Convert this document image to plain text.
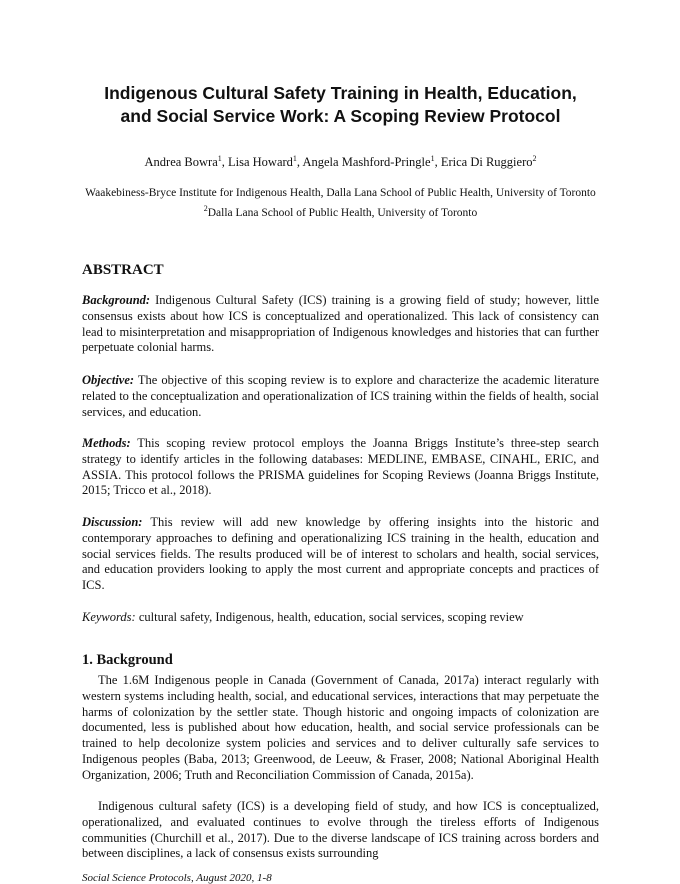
Indigenous Cultural Safety Training in Health, Education,
and Social Service Work: A Scoping Review Protocol
Andrea Bowra$^1$, Lisa Howard$^1$, Angela Mashford-Pringle$^1$, Erica Di Ruggiero$^2$
Waakebiness-Bryce Institute for Indigenous Health, Dalla Lana School of Public Health, University of Toronto
$^2$Dalla Lana School of Public Health, University of Toronto
ABSTRACT
Background: Indigenous Cultural Safety (ICS) training is a growing field of study; however, little consensus exists about how ICS is conceptualized and operationalized. This lack of consistency can lead to misinterpretation and misappropriation of Indigenous knowledges and histories that can further perpetuate colonial harms.
Objective: The objective of this scoping review is to explore and characterize the academic literature related to the conceptualization and operationalization of ICS training within the fields of health, social services, and education.
Methods: This scoping review protocol employs the Joanna Briggs Institute’s three-step search strategy to identify articles in the following databases: MEDLINE, EMBASE, CINAHL, ERIC, and ASSIA. This protocol follows the PRISMA guidelines for Scoping Reviews (Joanna Briggs Institute, 2015; Tricco et al., 2018).
Discussion: This review will add new knowledge by offering insights into the historic and contemporary approaches to defining and operationalizing ICS training in the health, education and social services fields. The results produced will be of interest to scholars and health, social services, and education providers looking to apply the most current and appropriate concepts and practices of ICS.
Keywords: cultural safety, Indigenous, health, education, social services, scoping review
1. Background
The 1.6M Indigenous people in Canada (Government of Canada, 2017a) interact regularly with western systems including health, social, and educational services, interactions that may perpetuate the harms of colonization by the settler state. Though historic and ongoing impacts of colonization are documented, less is published about how education, health, and social service professionals can be trained to help decolonize system policies and services and to deliver culturally safe services to Indigenous peoples (Baba, 2013; Greenwood, de Leeuw, & Fraser, 2008; National Aboriginal Health Organization, 2006; Truth and Reconciliation Commission of Canada, 2015a).
Indigenous cultural safety (ICS) is a developing field of study, and how ICS is conceptualized, operationalized, and evaluated continues to evolve through the tireless efforts of Indigenous communities (Churchill et al., 2017). Due to the diverse landscape of ICS training across borders and between disciplines, a lack of consensus exists surrounding
Social Science Protocols, August 2020, 1-8
